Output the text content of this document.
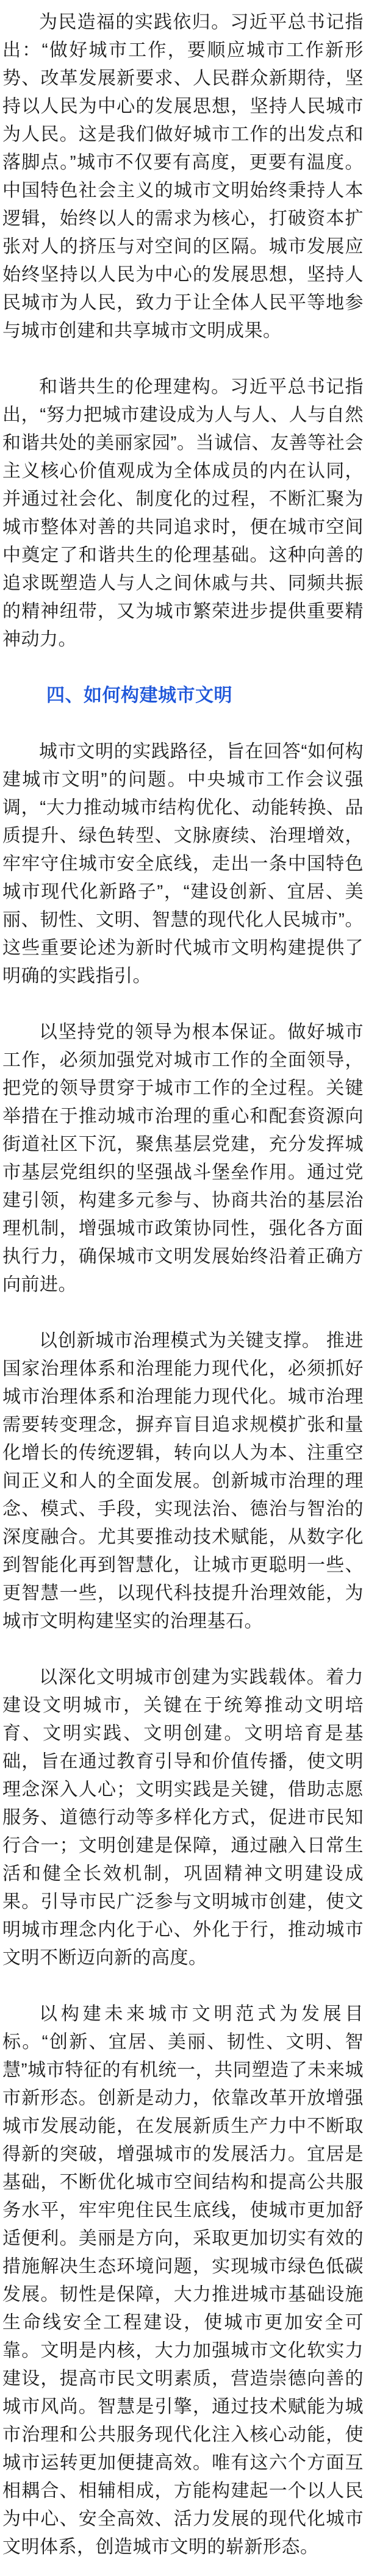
为民造福的实践依归。习近平总书记指出：“做好城市工作，要顺应城市工作新形势、改革发展新要求、人民群众新期待，坚持以人民为中心的发展思想，坚持人民城市为人民。这是我们做好城市工作的出发点和落脚点。”城市不仅要有高度，更要有温度。中国特色社会主义的城市文明始终秉持人本逻辑，始终以人的需求为核心，打破资本扩张对人的挤压与对空间的区隔。城市发展应始终坚持以人民为中心的发展思想，坚持人民城市为人民，致力于让全体人民平等地参与城市创建和共享城市文明成果。

和谐共生的伦理建构。习近平总书记指出，“努力把城市建设成为人与人、人与自然和谐共处的美丽家园”。当诚信、友善等社会主义核心价值观成为全体成员的内在认同，并通过社会化、制度化的过程，不断汇聚为城市整体对善的共同追求时，便在城市空间中奠定了和谐共生的伦理基础。这种向善的追求既塑造人与人之间休戚与共、同频共振的精神纽带，又为城市繁荣进步提供重要精神动力。

四、如何构建城市文明

城市文明的实践路径，旨在回答“如何构建城市文明”的问题。中央城市工作会议强调，“大力推动城市结构优化、动能转换、品质提升、绿色转型、文脉赓续、治理增效，牢牢守住城市安全底线，走出一条中国特色城市现代化新路子”，“建设创新、宜居、美丽、韧性、文明、智慧的现代化人民城市”。这些重要论述为新时代城市文明构建提供了明确的实践指引。

以坚持党的领导为根本保证。做好城市工作，必须加强党对城市工作的全面领导，把党的领导贯穿于城市工作的全过程。关键举措在于推动城市治理的重心和配套资源向街道社区下沉，聚焦基层党建，充分发挥城市基层党组织的坚强战斗堡垒作用。通过党建引领，构建多元参与、协商共治的基层治理机制，增强城市政策协同性，强化各方面执行力，确保城市文明发展始终沿着正确方向前进。

以创新城市治理模式为关键支撑。 推进国家治理体系和治理能力现代化，必须抓好城市治理体系和治理能力现代化。城市治理需要转变理念，摒弃盲目追求规模扩张和量化增长的传统逻辑，转向以人为本、注重空间正义和人的全面发展。创新城市治理的理念、模式、手段，实现法治、德治与智治的深度融合。尤其要推动技术赋能，从数字化到智能化再到智慧化，让城市更聪明一些、更智慧一些，以现代科技提升治理效能，为城市文明构建坚实的治理基石。

以深化文明城市创建为实践载体。着力建设文明城市，关键在于统筹推动文明培育、文明实践、文明创建。文明培育是基础，旨在通过教育引导和价值传播，使文明理念深入人心；文明实践是关键，借助志愿服务、道德行动等多样化方式，促进市民知行合一；文明创建是保障，通过融入日常生活和健全长效机制，巩固精神文明建设成果。引导市民广泛参与文明城市创建，使文明城市理念内化于心、外化于行，推动城市文明不断迈向新的高度。

以构建未来城市文明范式为发展目标。“创新、宜居、美丽、韧性、文明、智慧”城市特征的有机统一，共同塑造了未来城市新形态。创新是动力，依靠改革开放增强城市发展动能，在发展新质生产力中不断取得新的突破，增强城市的发展活力。宜居是基础，不断优化城市空间结构和提高公共服务水平，牢牢兜住民生底线，使城市更加舒适便利。美丽是方向，采取更加切实有效的措施解决生态环境问题，实现城市绿色低碳发展。韧性是保障，大力推进城市基础设施生命线安全工程建设，使城市更加安全可靠。文明是内核，大力加强城市文化软实力建设，提高市民文明素质，营造崇德向善的城市风尚。智慧是引擎，通过技术赋能为城市治理和公共服务现代化注入核心动能，使城市运转更加便捷高效。唯有这六个方面互相耦合、相辅相成，方能构建起一个以人民为中心、安全高效、活力发展的现代化城市文明体系，创造城市文明的崭新形态。
